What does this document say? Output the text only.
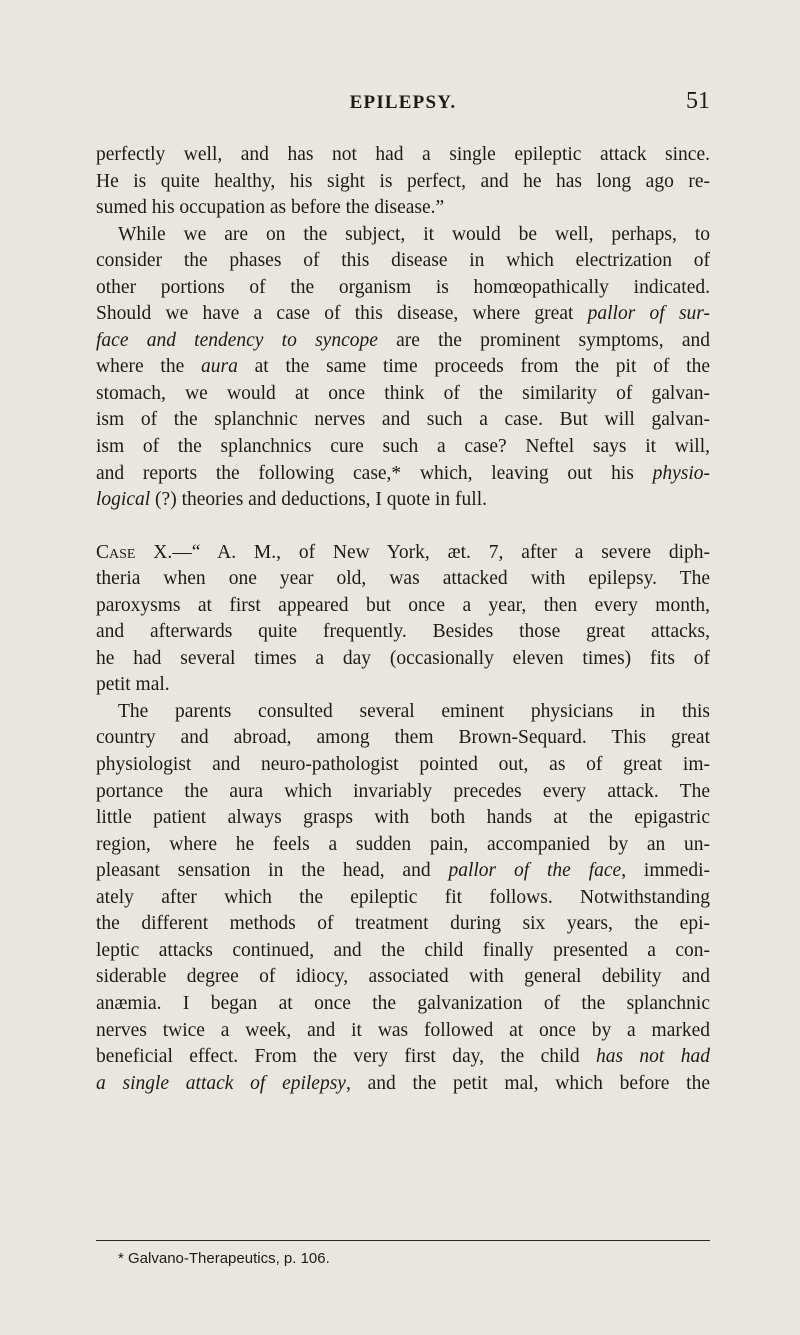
EPILEPSY.	51

perfectly well, and has not had a single epileptic attack since.
He is quite healthy, his sight is perfect, and he has long ago re-
sumed his occupation as before the disease.”

While we are on the subject, it would be well, perhaps, to
consider the phases of this disease in which electrization of
other portions of the organism is homœopathically indicated.
Should we have a case of this disease, where great pallor of sur-
face and tendency to syncope are the prominent symptoms, and
where the aura at the same time proceeds from the pit of the
stomach, we would at once think of the similarity of galvan-
ism of the splanchnic nerves and such a case. But will galvan-
ism of the splanchnics cure such a case? Neftel says it will,
and reports the following case,* which, leaving out his physio-
logical (?) theories and deductions, I quote in full.

Case X.—“ A. M., of New York, æt. 7, after a severe diph-
theria when one year old, was attacked with epilepsy. The
paroxysms at first appeared but once a year, then every month,
and afterwards quite frequently. Besides those great attacks,
he had several times a day (occasionally eleven times) fits of
petit mal.

The parents consulted several eminent physicians in this
country and abroad, among them Brown-Sequard. This great
physiologist and neuro-pathologist pointed out, as of great im-
portance the aura which invariably precedes every attack. The
little patient always grasps with both hands at the epigastric
region, where he feels a sudden pain, accompanied by an un-
pleasant sensation in the head, and pallor of the face, immedi-
ately after which the epileptic fit follows. Notwithstanding
the different methods of treatment during six years, the epi-
leptic attacks continued, and the child finally presented a con-
siderable degree of idiocy, associated with general debility and
anæmia. I began at once the galvanization of the splanchnic
nerves twice a week, and it was followed at once by a marked
beneficial effect. From the very first day, the child has not had
a single attack of epilepsy, and the petit mal, which before the

* Galvano-Therapeutics, p. 106.
